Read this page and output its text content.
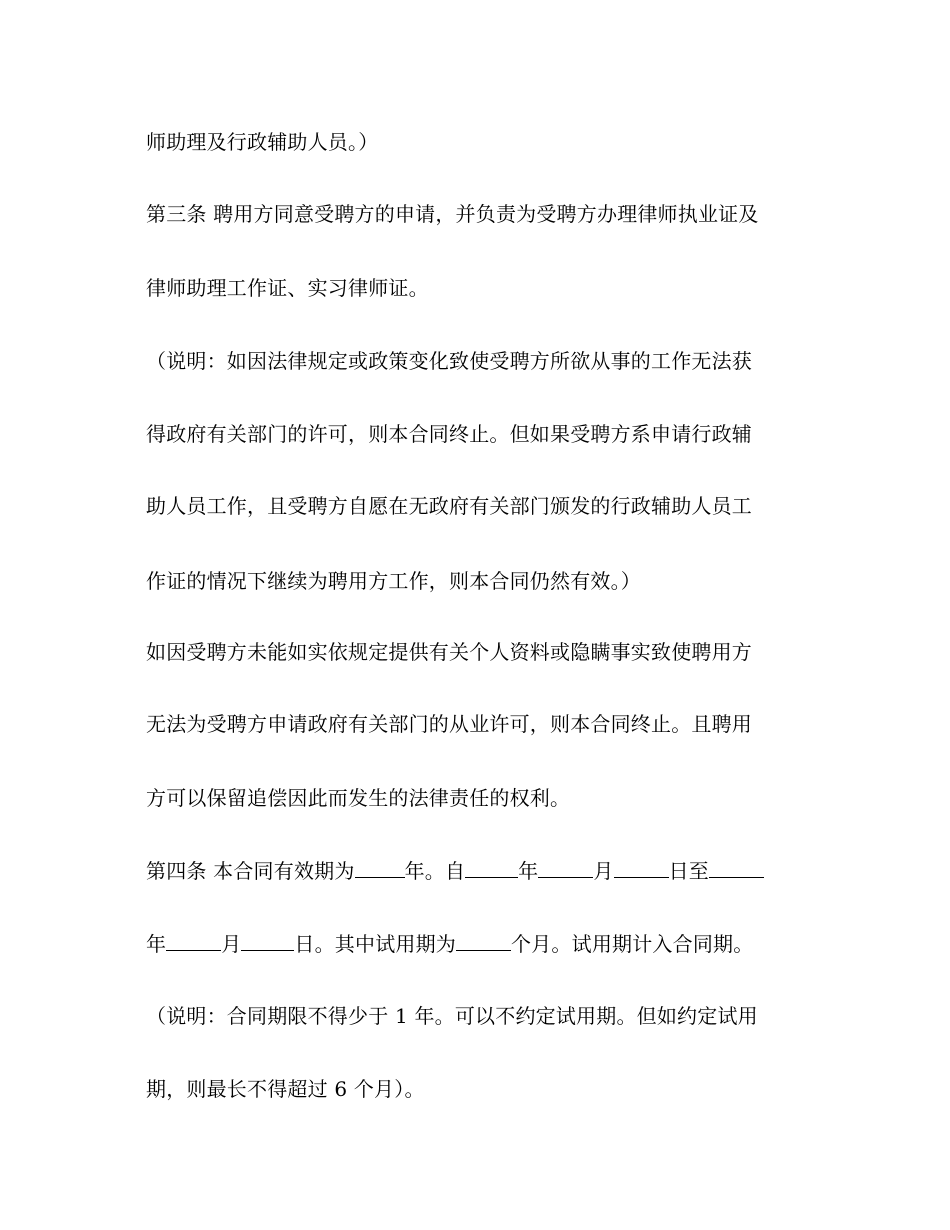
师助理及行政辅助人员。）
第三条 聘用方同意受聘方的申请，并负责为受聘方办理律师执业证及
律师助理工作证、实习律师证。
（说明：如因法律规定或政策变化致使受聘方所欲从事的工作无法获
得政府有关部门的许可，则本合同终止。但如果受聘方系申请行政辅
助人员工作，且受聘方自愿在无政府有关部门颁发的行政辅助人员工
作证的情况下继续为聘用方工作，则本合同仍然有效。）
如因受聘方未能如实依规定提供有关个人资料或隐瞒事实致使聘用方
无法为受聘方申请政府有关部门的从业许可，则本合同终止。且聘用
方可以保留追偿因此而发生的法律责任的权利。
第四条 本合同有效期为	年。自	年	月	日至
年	月	日。其中试用期为	个月。试用期计入合同期。
（说明：合同期限不得少于 1 年。可以不约定试用期。但如约定试用
期，则最长不得超过 6 个月）。
